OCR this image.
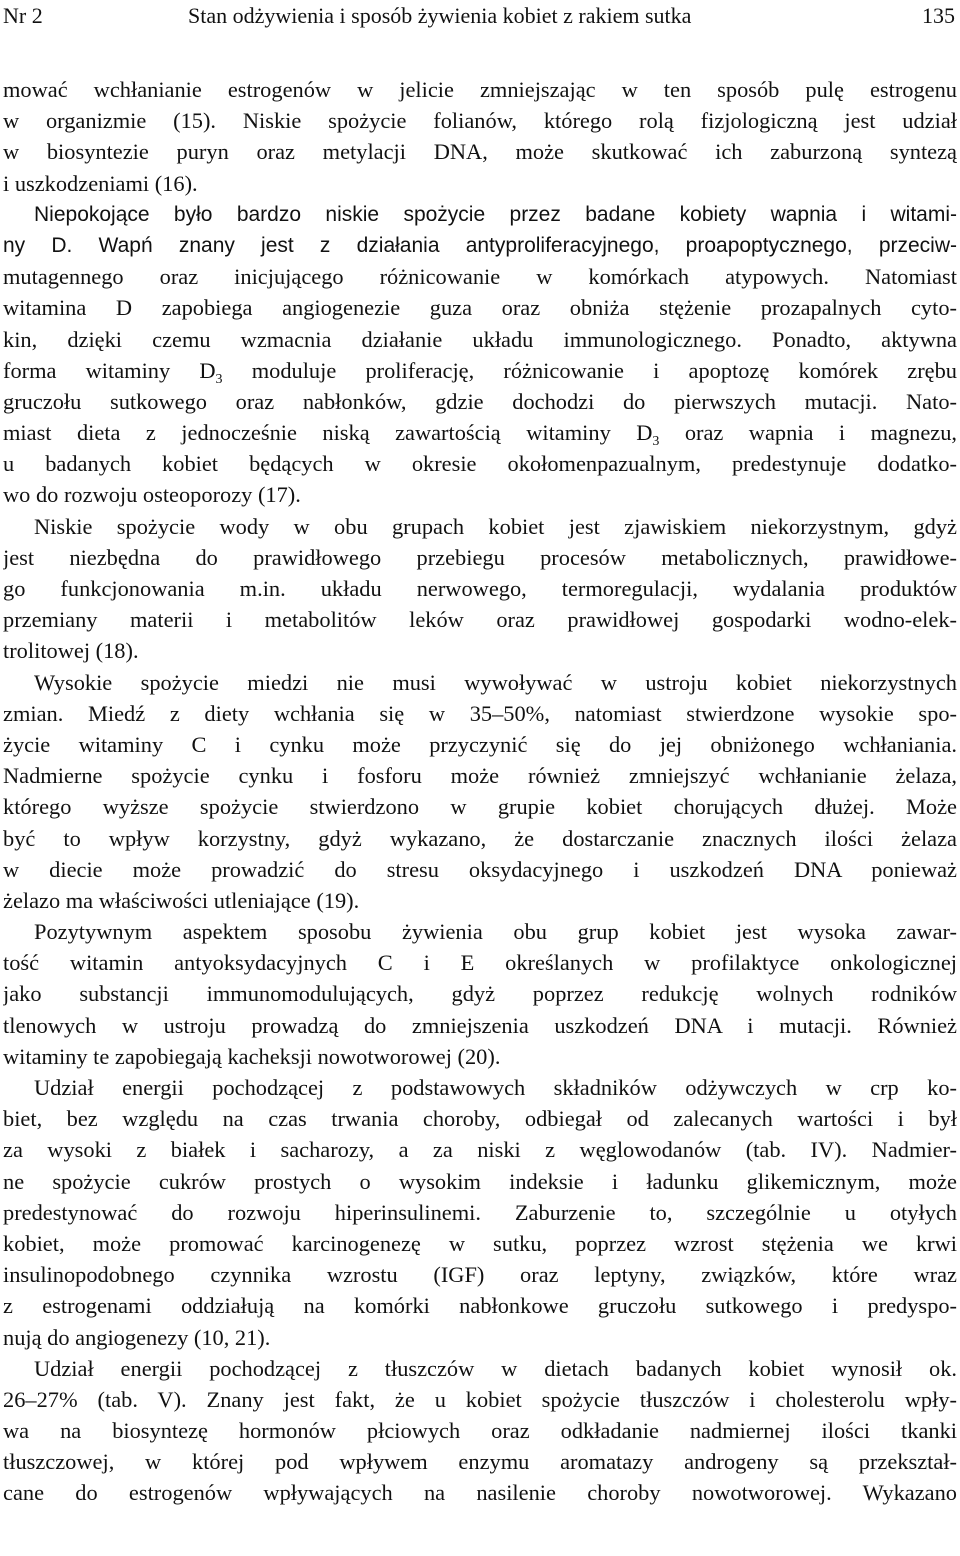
Nr 2	Stan odżywienia i sposób żywienia kobiet z rakiem sutka	135
mować wchłanianie estrogenów w jelicie zmniejszając w ten sposób pulę estrogenu
w organizmie (15). Niskie spożycie folianów, którego rolą fizjologiczną jest udział
w biosyntezie puryn oraz metylacji DNA, może skutkować ich zaburzoną syntezą
i uszkodzeniami (16).
Niepokojące było bardzo niskie spożycie przez badane kobiety wapnia i witami-
ny D. Wapń znany jest z działania antyproliferacyjnego, proapoptycznego, przeciw-
mutagennego oraz inicjującego różnicowanie w komórkach atypowych. Natomiast
witamina D zapobiega angiogenezie guza oraz obniża stężenie prozapalnych cyto-
kin, dzięki czemu wzmacnia działanie układu immunologicznego. Ponadto, aktywna
forma witaminy $D_3$ moduluje proliferację, różnicowanie i apoptozę komórek zrębu
gruczołu sutkowego oraz nabłonków, gdzie dochodzi do pierwszych mutacji. Nato-
miast dieta z jednocześnie niską zawartością witaminy $D_3$ oraz wapnia i magnezu,
u badanych kobiet będących w okresie okołomenpazualnym, predestynuje dodatko-
wo do rozwoju osteoporozy (17).
Niskie spożycie wody w obu grupach kobiet jest zjawiskiem niekorzystnym, gdyż
jest niezbędna do prawidłowego przebiegu procesów metabolicznych, prawidłowe-
go funkcjonowania m.in. układu nerwowego, termoregulacji, wydalania produktów
przemiany materii i metabolitów leków oraz prawidłowej gospodarki wodno-elek-
trolitowej (18).
Wysokie spożycie miedzi nie musi wywoływać w ustroju kobiet niekorzystnych
zmian. Miedź z diety wchłania się w 35–50%, natomiast stwierdzone wysokie spo-
życie witaminy C i cynku może przyczynić się do jej obniżonego wchłaniania.
Nadmierne spożycie cynku i fosforu może również zmniejszyć wchłanianie żelaza,
którego wyższe spożycie stwierdzono w grupie kobiet chorujących dłużej. Może
być to wpływ korzystny, gdyż wykazano, że dostarczanie znacznych ilości żelaza
w diecie może prowadzić do stresu oksydacyjnego i uszkodzeń DNA ponieważ
żelazo ma właściwości utleniające (19).
Pozytywnym aspektem sposobu żywienia obu grup kobiet jest wysoka zawar-
tość witamin antyoksydacyjnych C i E określanych w profilaktyce onkologicznej
jako substancji immunomodulujących, gdyż poprzez redukcję wolnych rodników
tlenowych w ustroju prowadzą do zmniejszenia uszkodzeń DNA i mutacji. Również
witaminy te zapobiegają kacheksji nowotworowej (20).
Udział energii pochodzącej z podstawowych składników odżywczych w crp ko-
biet, bez względu na czas trwania choroby, odbiegał od zalecanych wartości i był
za wysoki z białek i sacharozy, a za niski z węglowodanów (tab. IV). Nadmier-
ne spożycie cukrów prostych o wysokim indeksie i ładunku glikemicznym, może
predestynować do rozwoju hiperinsulinemi. Zaburzenie to, szczególnie u otyłych
kobiet, może promować karcinogenezę w sutku, poprzez wzrost stężenia we krwi
insulinopodobnego czynnika wzrostu (IGF) oraz leptyny, związków, które wraz
z estrogenami oddziałują na komórki nabłonkowe gruczołu sutkowego i predyspo-
nują do angiogenezy (10, 21).
Udział energii pochodzącej z tłuszczów w dietach badanych kobiet wynosił ok.
26–27% (tab. V). Znany jest fakt, że u kobiet spożycie tłuszczów i cholesterolu wpły-
wa na biosyntezę hormonów płciowych oraz odkładanie nadmiernej ilości tkanki
tłuszczowej, w której pod wpływem enzymu aromatazy androgeny są przekształ-
cane do estrogenów wpływających na nasilenie choroby nowotworowej. Wykazano
